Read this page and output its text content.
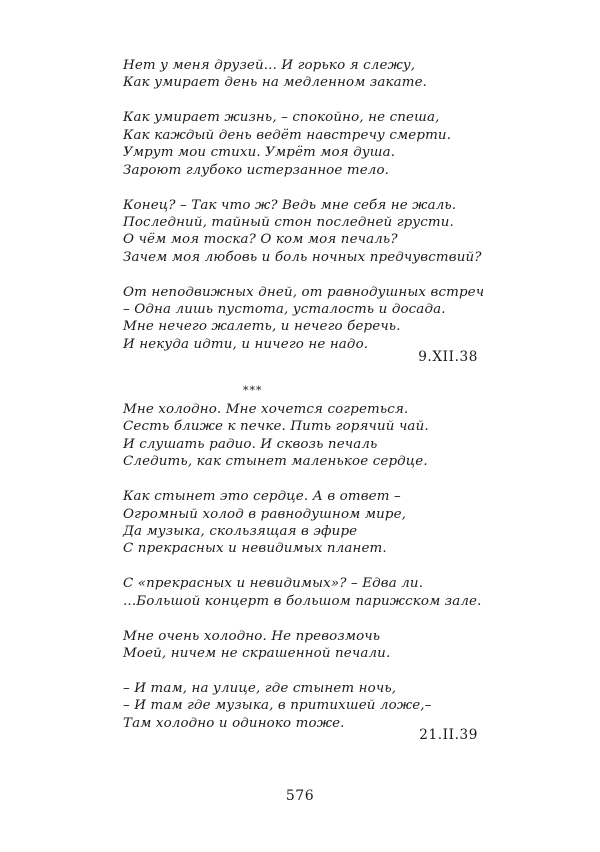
Нет у меня друзей... И горько я слежу,
Как умирает день на медленном закате.
Как умирает жизнь, – спокойно, не спеша,
Как каждый день ведёт навстречу смерти.
Умрут мои стихи. Умрёт моя душа.
Зароют глубоко истерзанное тело.
Конец? – Так что ж? Ведь мне себя не жаль.
Последний, тайный стон последней грусти.
О чём моя тоска? О ком моя печаль?
Зачем моя любовь и боль ночных предчувствий?
От неподвижных дней, от равнодушных встреч
– Одна лишь пустота, усталость и досада.
Мне нечего жалеть, и нечего беречь.
И некуда идти, и ничего не надо.
9.XII.38
***
Мне холодно. Мне хочется согреться.
Сесть ближе к печке. Пить горячий чай.
И слушать радио. И сквозь печаль
Следить, как стынет маленькое сердце.
Как стынет это сердце. А в ответ –
Огромный холод в равнодушном мире,
Да музыка, скользящая в эфире
С прекрасных и невидимых планет.
С «прекрасных и невидимых»? – Едва ли.
...Большой концерт в большом парижском зале.
Мне очень холодно. Не превозмочь
Моей, ничем не скрашенной печали.
– И там, на улице, где стынет ночь,
– И там где музыка, в притихшей ложе,–
Там холодно и одиноко тоже.
21.II.39
576
